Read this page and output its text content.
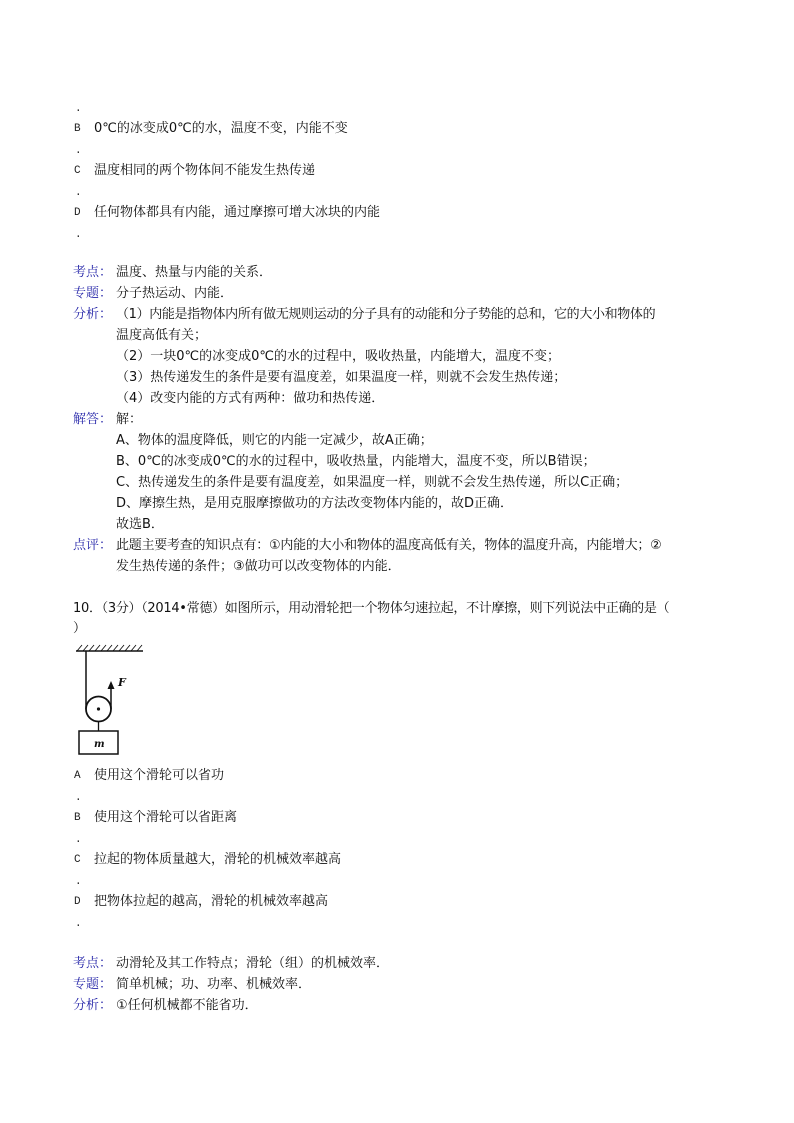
.
B 0℃的冰变成0℃的水，温度不变，内能不变
.
C 温度相同的两个物体间不能发生热传递
.
D 任何物体都具有内能，通过摩擦可增大冰块的内能
.
考点： 温度、热量与内能的关系．
专题： 分子热运动、内能．
分析： （1）内能是指物体内所有做无规则运动的分子具有的动能和分子势能的总和，它的大小和物体的
温度高低有关；
（2）一块0℃的冰变成0℃的水的过程中，吸收热量，内能增大，温度不变；
（3）热传递发生的条件是要有温度差，如果温度一样，则就不会发生热传递；
（4）改变内能的方式有两种：做功和热传递．
解答： 解：
A、物体的温度降低，则它的内能一定减少，故A正确；
B、0℃的冰变成0℃的水的过程中，吸收热量，内能增大，温度不变，所以B错误；
C、热传递发生的条件是要有温度差，如果温度一样，则就不会发生热传递，所以C正确；
D、摩擦生热，是用克服摩擦做功的方法改变物体内能的，故D正确．
故选B．
点评： 此题主要考查的知识点有：①内能的大小和物体的温度高低有关，物体的温度升高，内能增大；②
发生热传递的条件；③做功可以改变物体的内能．
10．（3分）（2014•常德）如图所示，用动滑轮把一个物体匀速拉起，不计摩擦，则下列说法中正确的是（
）
F
m
A 使用这个滑轮可以省功
.
B 使用这个滑轮可以省距离
.
C 拉起的物体质量越大，滑轮的机械效率越高
.
D 把物体拉起的越高，滑轮的机械效率越高
.
考点： 动滑轮及其工作特点；滑轮（组）的机械效率．
专题： 简单机械；功、功率、机械效率．
分析： ①任何机械都不能省功．
